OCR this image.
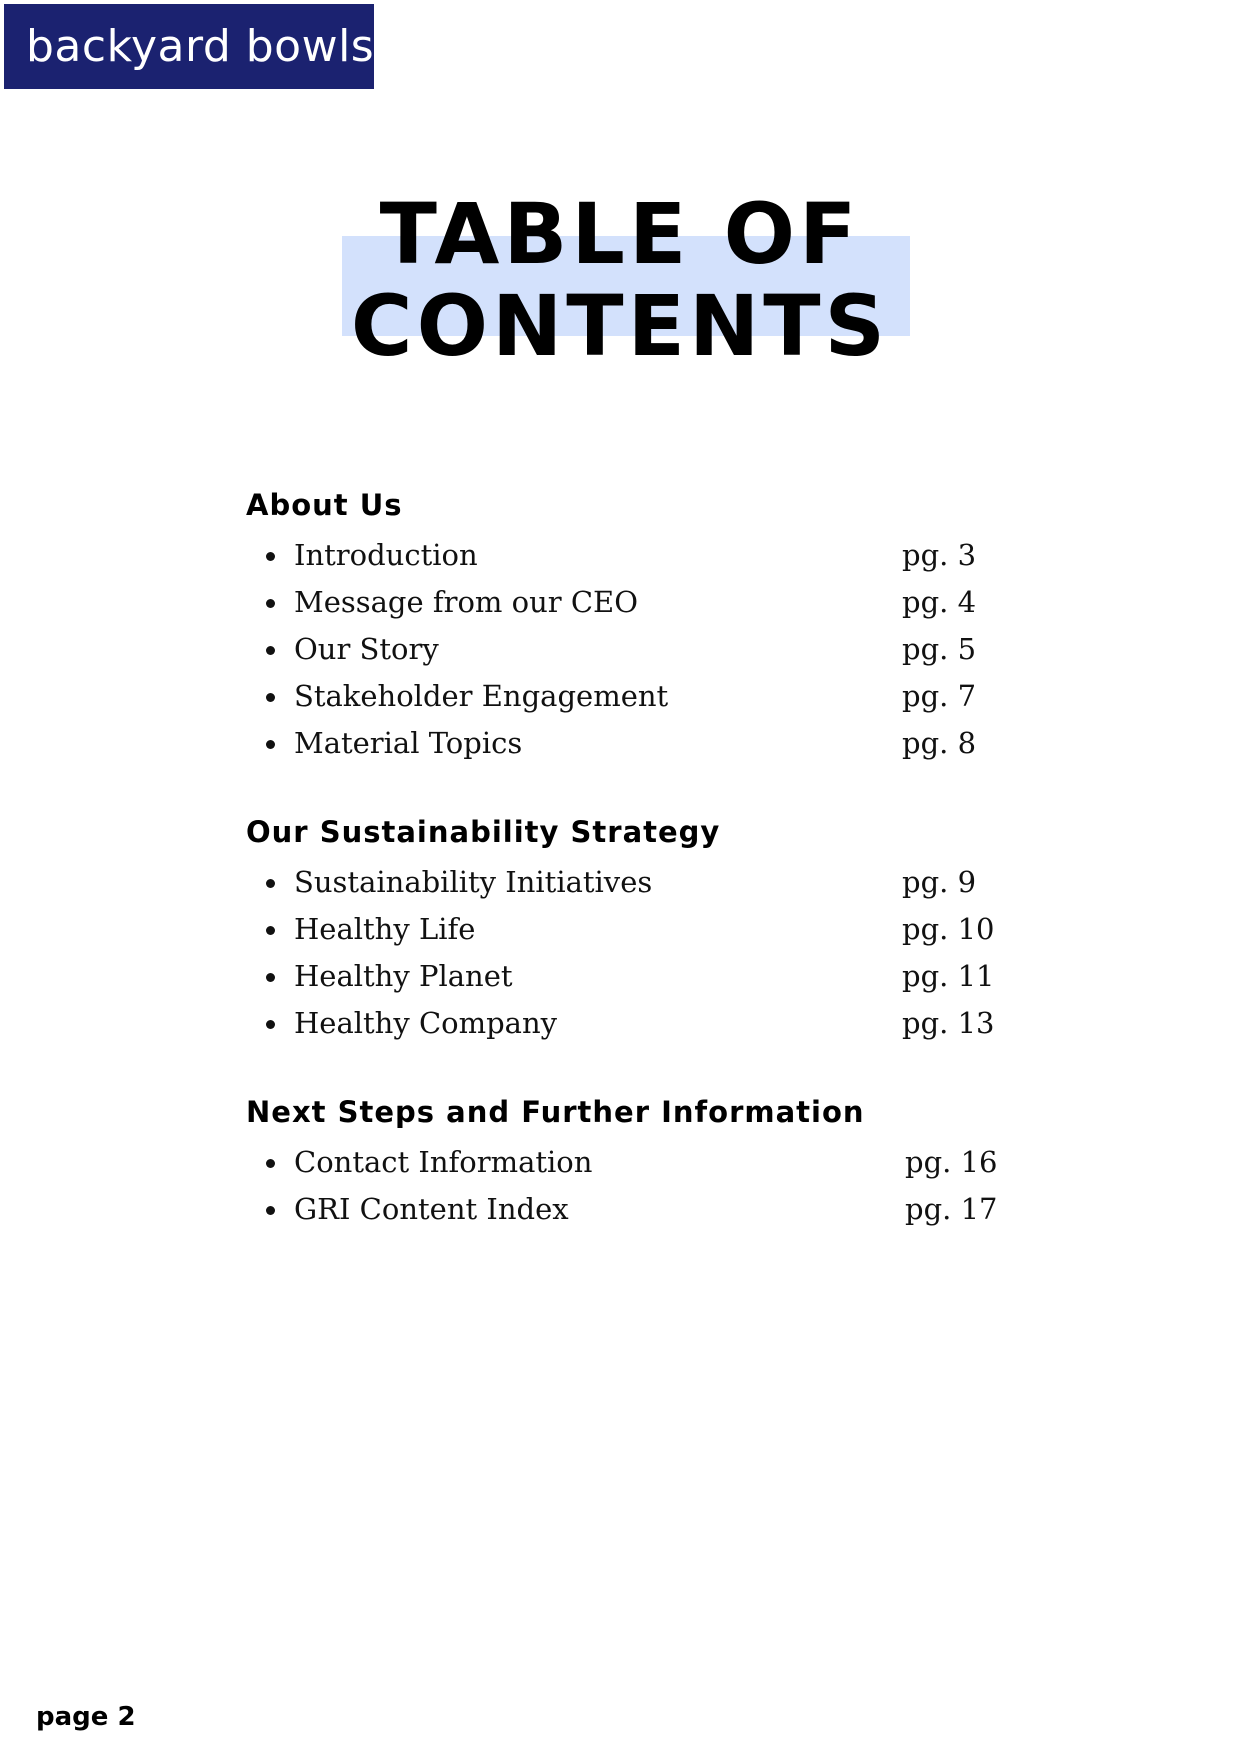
backyard bowls
TABLE OF
CONTENTS
About Us
Introduction	pg. 3
Message from our CEO	pg. 4
Our Story	pg. 5
Stakeholder Engagement	pg. 7
Material Topics	pg. 8
Our Sustainability Strategy
Sustainability Initiatives	pg. 9
Healthy Life	pg. 10
Healthy Planet	pg. 11
Healthy Company	pg. 13
Next Steps and Further Information
Contact Information	pg. 16
GRI Content Index	pg. 17
page 2
